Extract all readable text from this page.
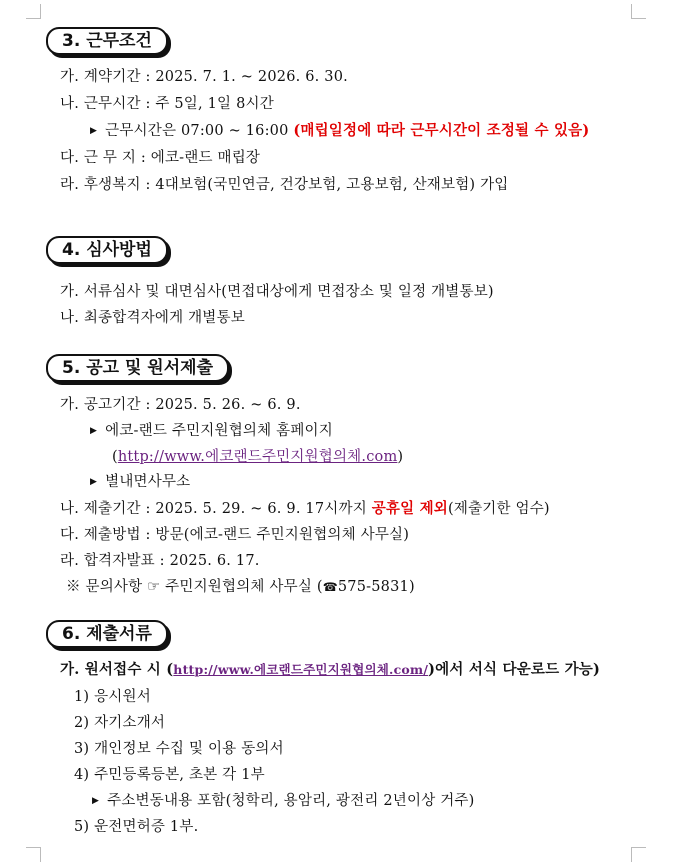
3. 근무조건
가. 계약기간 : 2025. 7. 1. ~ 2026. 6. 30.
나. 근무시간 : 주 5일, 1일 8시간
▶ 근무시간은 07:00 ~ 16:00 (매립일정에 따라 근무시간이 조정될 수 있음)
다. 근 무 지 : 에코-랜드 매립장
라. 후생복지 : 4대보험(국민연금, 건강보험, 고용보험, 산재보험) 가입
4. 심사방법
가. 서류심사 및 대면심사(면접대상에게 면접장소 및 일정 개별통보)
나. 최종합격자에게 개별통보
5. 공고 및 원서제출
가. 공고기간 : 2025. 5. 26. ~ 6. 9.
▶ 에코-랜드 주민지원협의체 홈페이지
(http://www.에코랜드주민지원협의체.com)
▶ 별내면사무소
나. 제출기간 : 2025. 5. 29. ~ 6. 9. 17시까지 공휴일 제외(제출기한 엄수)
다. 제출방법 : 방문(에코-랜드 주민지원협의체 사무실)
라. 합격자발표 : 2025. 6. 17.
※ 문의사항 ☞ 주민지원협의체 사무실 (☎575-5831)
6. 제출서류
가. 원서접수 시 (http://www.에코랜드주민지원협의체.com/)에서 서식 다운로드 가능)
1) 응시원서
2) 자기소개서
3) 개인정보 수집 및 이용 동의서
4) 주민등록등본, 초본 각 1부
▶ 주소변동내용 포함(청학리, 용암리, 광전리 2년이상 거주)
5) 운전면허증 1부.
